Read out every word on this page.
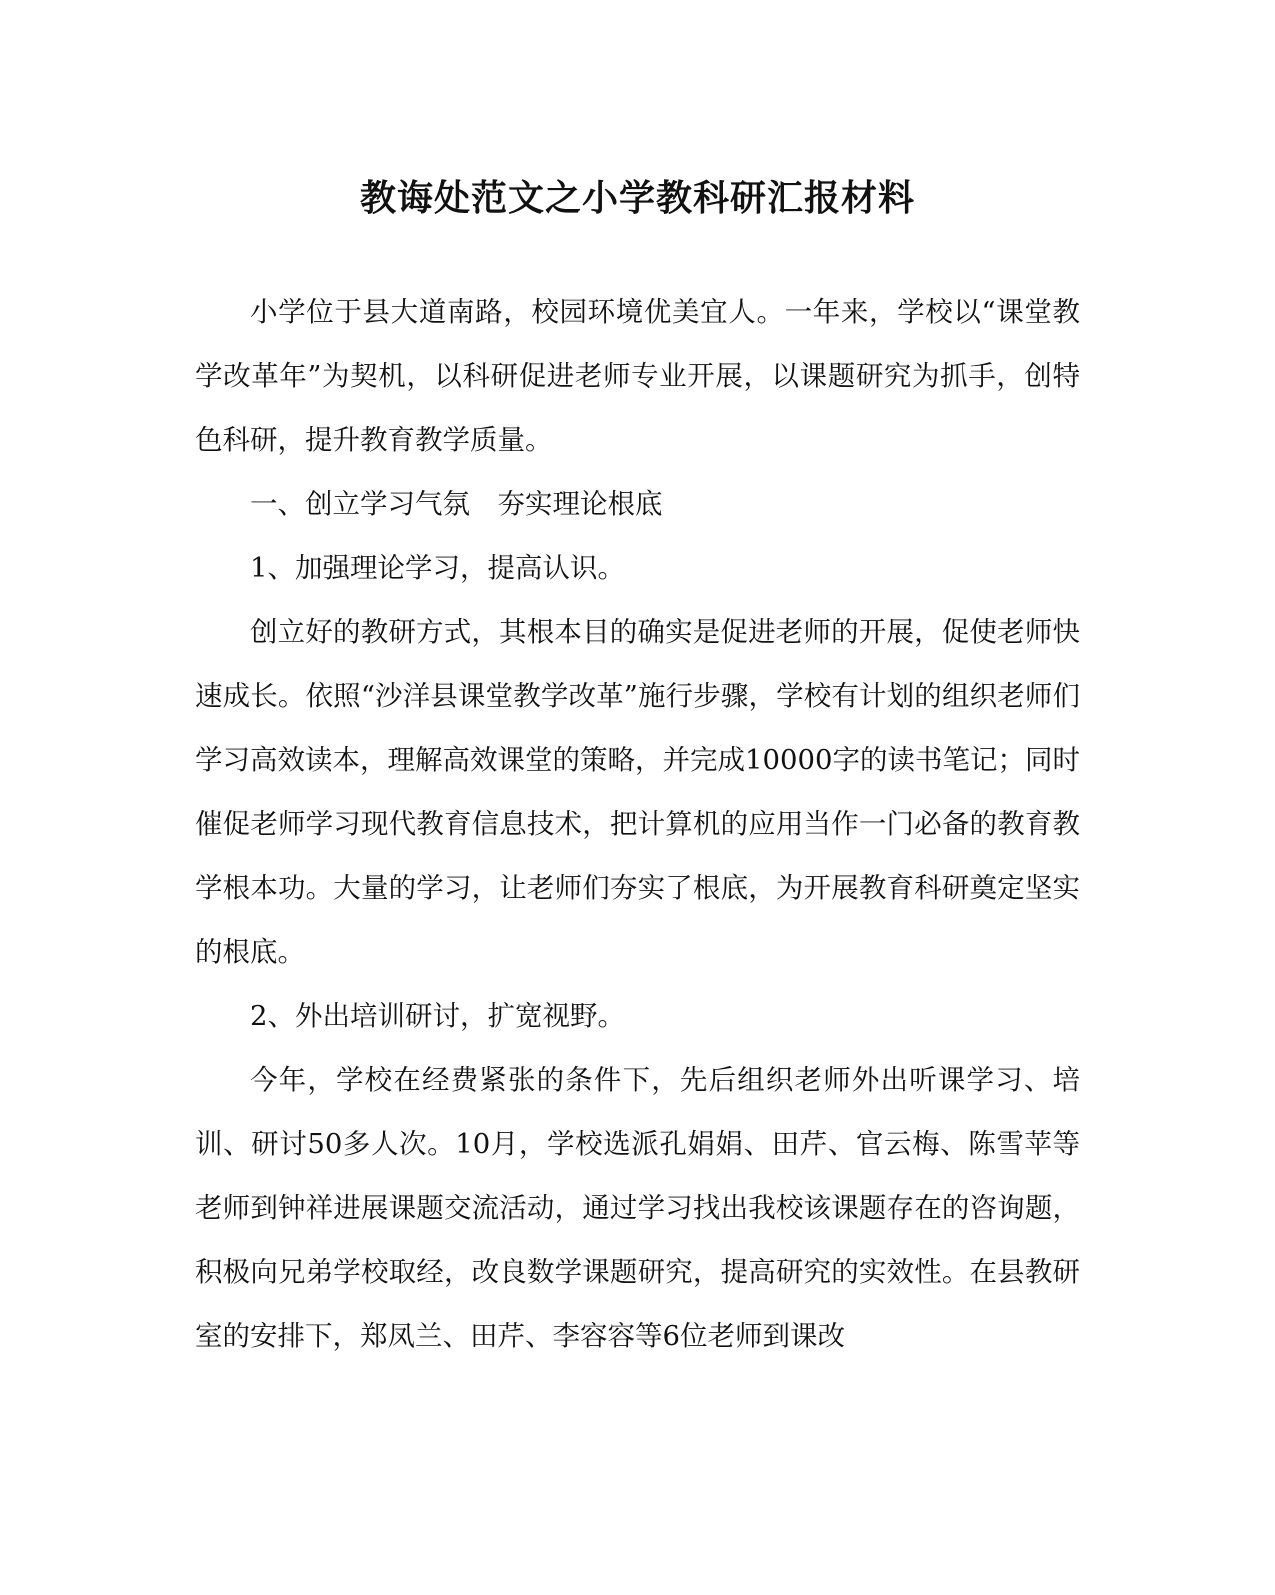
教诲处范文之小学教科研汇报材料

小学位于县大道南路，校园环境优美宜人。一年来，学校以“课堂教学改革年”为契机，以科研促进老师专业开展，以课题研究为抓手，创特色科研，提升教育教学质量。

一、创立学习气氛　夯实理论根底

1、加强理论学习，提高认识。

创立好的教研方式，其根本目的确实是促进老师的开展，促使老师快速成长。依照“沙洋县课堂教学改革”施行步骤，学校有计划的组织老师们学习高效读本，理解高效课堂的策略，并完成10000字的读书笔记；同时催促老师学习现代教育信息技术，把计算机的应用当作一门必备的教育教学根本功。大量的学习，让老师们夯实了根底，为开展教育科研奠定坚实的根底。

2、外出培训研讨，扩宽视野。

今年，学校在经费紧张的条件下，先后组织老师外出听课学习、培训、研讨50多人次。10月，学校选派孔娟娟、田芹、官云梅、陈雪苹等老师到钟祥进展课题交流活动，通过学习找出我校该课题存在的咨询题，积极向兄弟学校取经，改良数学课题研究，提高研究的实效性。在县教研室的安排下，郑凤兰、田芹、李容容等6位老师到课改
